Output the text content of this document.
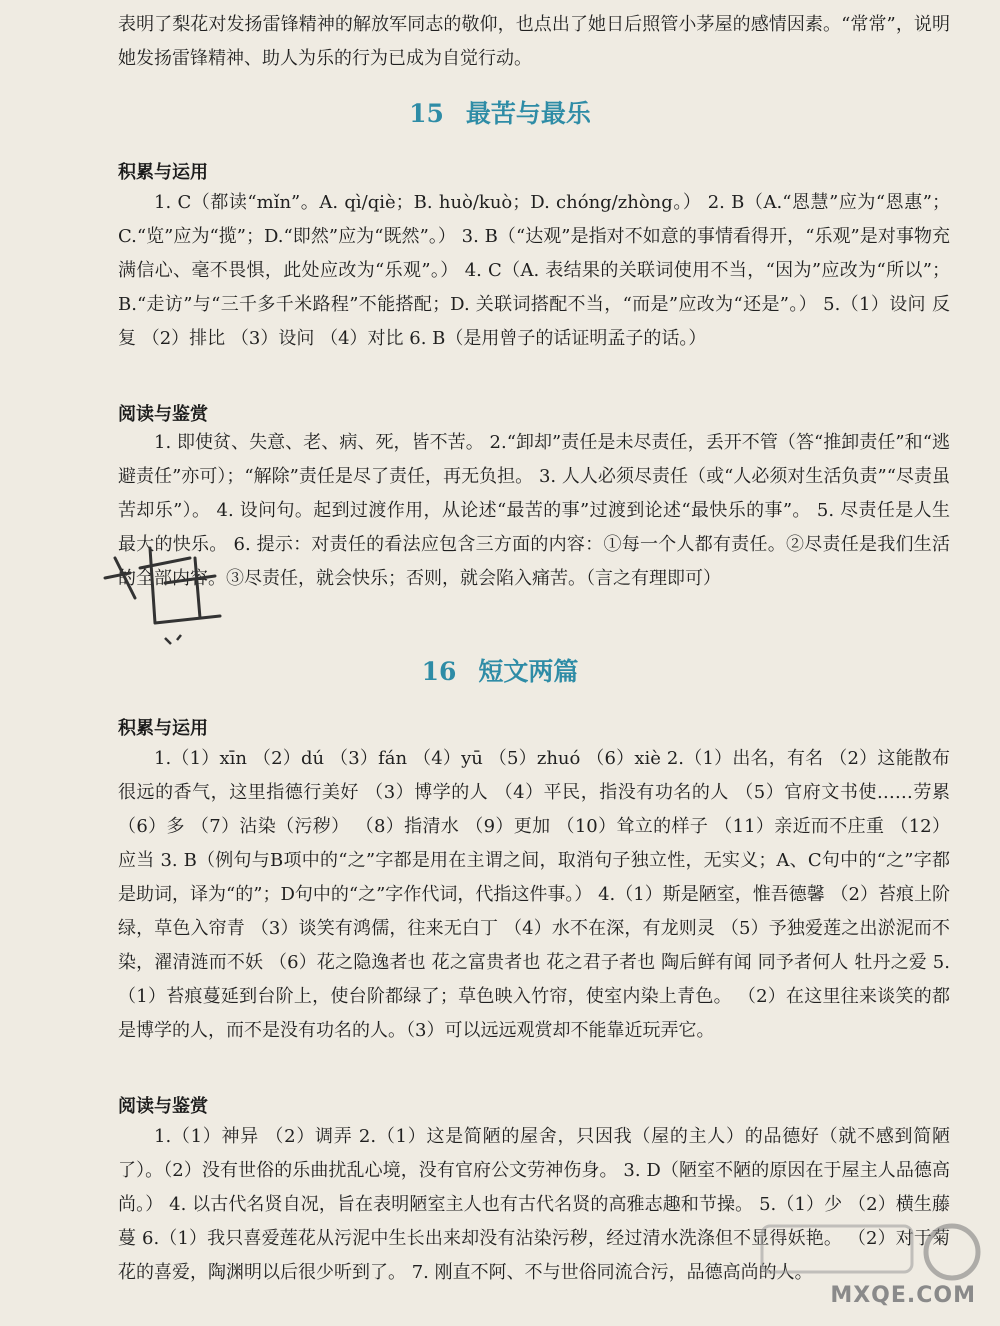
表明了梨花对发扬雷锋精神的解放军同志的敬仰，也点出了她日后照管小茅屋的感情因素。“常常”，说明她发扬雷锋精神、助人为乐的行为已成为自觉行动。

15 最苦与最乐
积累与运用

1. C（都读“mǐn”。A. qì/qiè；B. huò/kuò；D. chóng/zhòng。） 2. B（A.“恩慧”应为“恩惠”；C.“览”应为“揽”；D.“即然”应为“既然”。） 3. B（“达观”是指对不如意的事情看得开，“乐观”是对事物充满信心、毫不畏惧，此处应改为“乐观”。） 4. C（A. 表结果的关联词使用不当，“因为”应改为“所以”；B.“走访”与“三千多千米路程”不能搭配；D. 关联词搭配不当，“而是”应改为“还是”。） 5.（1）设问 反复 （2）排比 （3）设问 （4）对比 6. B（是用曾子的话证明孟子的话。）

阅读与鉴赏

1. 即使贫、失意、老、病、死，皆不苦。 2.“卸却”责任是未尽责任，丢开不管（答“推卸责任”和“逃避责任”亦可）；“解除”责任是尽了责任，再无负担。 3. 人人必须尽责任（或“人必须对生活负责”“尽责虽苦却乐”）。 4. 设问句。起到过渡作用，从论述“最苦的事”过渡到论述“最快乐的事”。 5. 尽责任是人生最大的快乐。 6. 提示：对责任的看法应包含三方面的内容：①每一个人都有责任。②尽责任是我们生活的全部内容。③尽责任，就会快乐；否则，就会陷入痛苦。（言之有理即可）

16 短文两篇
积累与运用

1.（1）xīn （2）dú （3）fán （4）yū （5）zhuó （6）xiè 2.（1）出名，有名 （2）这能散布很远的香气，这里指德行美好 （3）博学的人 （4）平民，指没有功名的人 （5）官府文书使……劳累 （6）多 （7）沾染（污秽） （8）指清水 （9）更加 （10）耸立的样子 （11）亲近而不庄重 （12）应当 3. B（例句与B项中的“之”字都是用在主谓之间，取消句子独立性，无实义；A、C句中的“之”字都是助词，译为“的”；D句中的“之”字作代词，代指这件事。） 4.（1）斯是陋室，惟吾德馨 （2）苔痕上阶绿，草色入帘青 （3）谈笑有鸿儒，往来无白丁 （4）水不在深，有龙则灵 （5）予独爱莲之出淤泥而不染，濯清涟而不妖 （6）花之隐逸者也 花之富贵者也 花之君子者也 陶后鲜有闻 同予者何人 牡丹之爱 5.（1）苔痕蔓延到台阶上，使台阶都绿了；草色映入竹帘，使室内染上青色。 （2）在这里往来谈笑的都是博学的人，而不是没有功名的人。（3）可以远远观赏却不能靠近玩弄它。

阅读与鉴赏

1.（1）神异 （2）调弄 2.（1）这是简陋的屋舍，只因我（屋的主人）的品德好（就不感到简陋了）。（2）没有世俗的乐曲扰乱心境，没有官府公文劳神伤身。 3. D（陋室不陋的原因在于屋主人品德高尚。） 4. 以古代名贤自况，旨在表明陋室主人也有古代名贤的高雅志趣和节操。 5.（1）少 （2）横生藤蔓 6.（1）我只喜爱莲花从污泥中生长出来却没有沾染污秽，经过清水洗涤但不显得妖艳。 （2）对于菊花的喜爱，陶渊明以后很少听到了。 7. 刚直不阿、不与世俗同流合污，品德高尚的人。

MXQE.COM
